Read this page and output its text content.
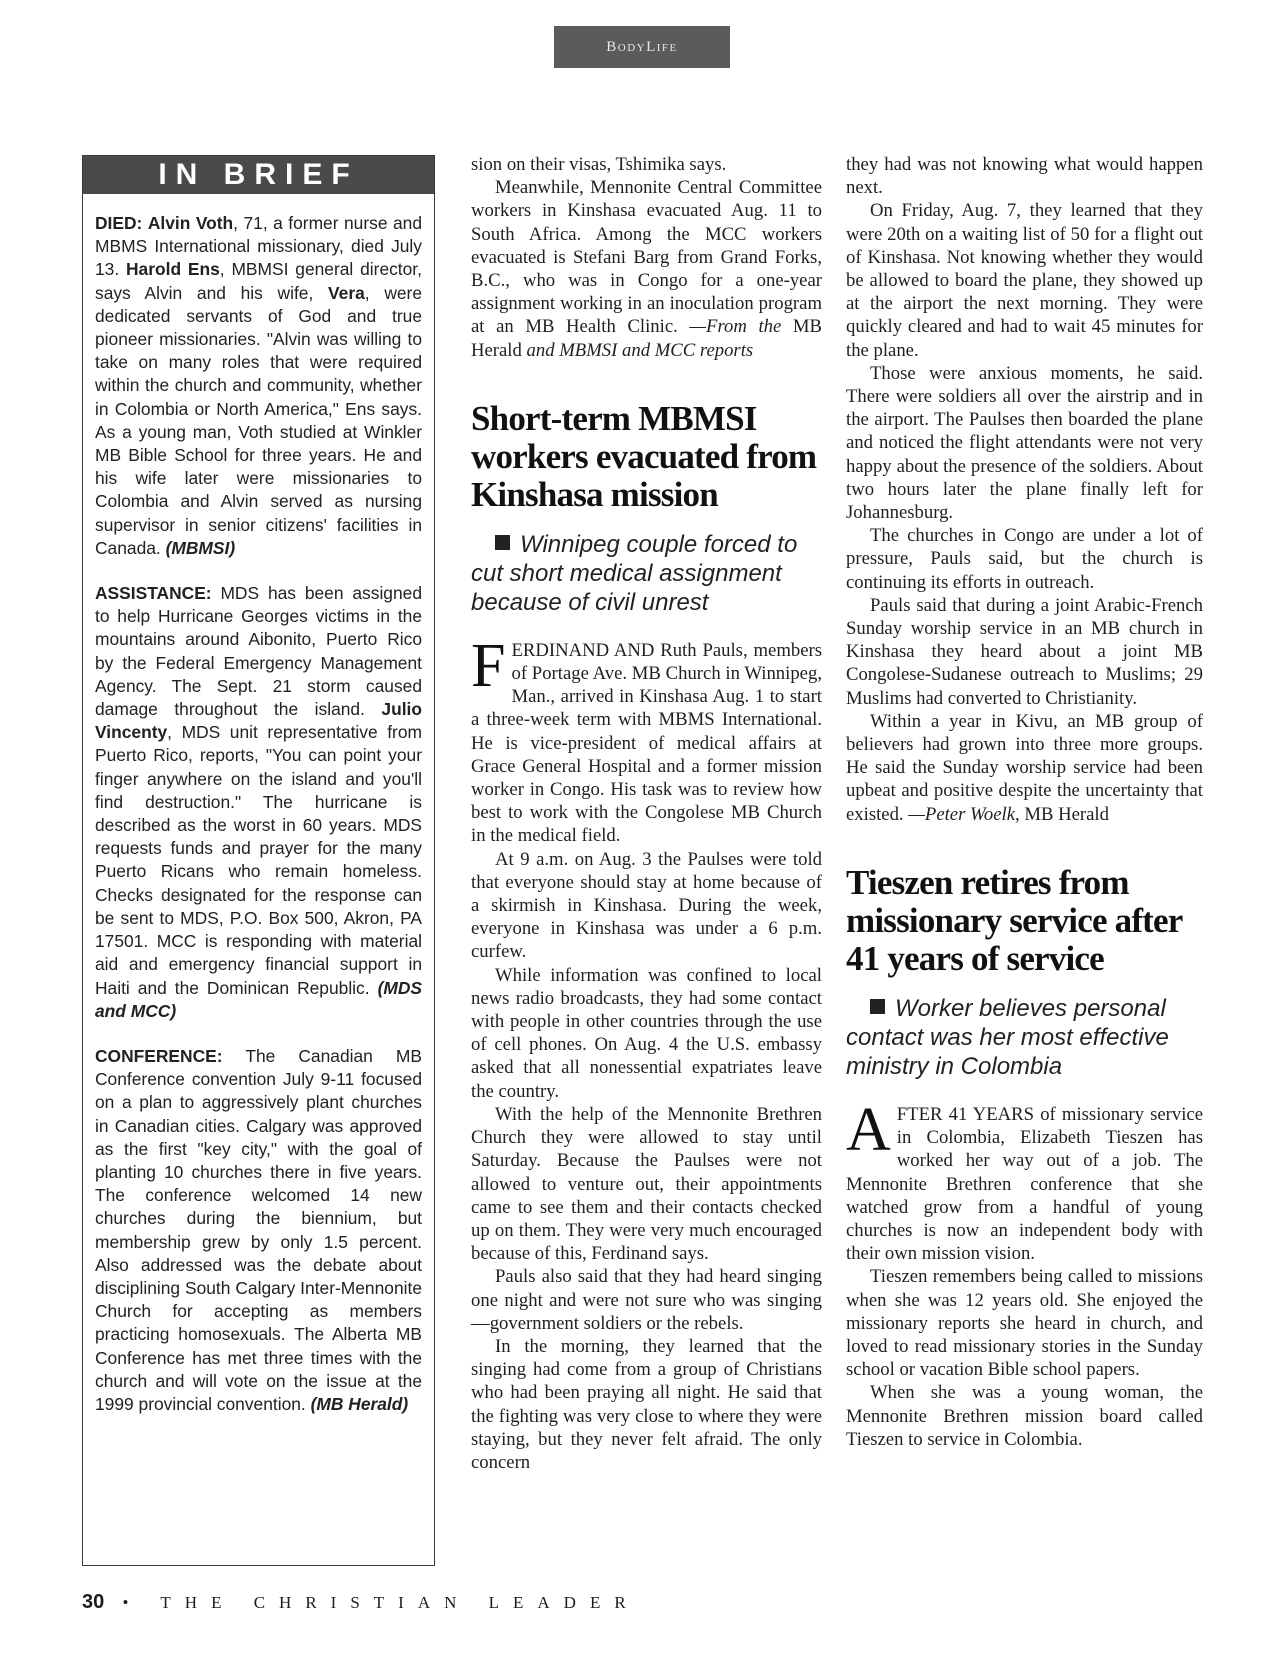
BodyLife
IN BRIEF

DIED: Alvin Voth, 71, a former nurse and MBMS International missionary, died July 13. Harold Ens, MBMSI general director, says Alvin and his wife, Vera, were dedicated servants of God and true pioneer missionaries. "Alvin was willing to take on many roles that were required within the church and community, whether in Colombia or North America," Ens says. As a young man, Voth studied at Winkler MB Bible School for three years. He and his wife later were missionaries to Colombia and Alvin served as nursing supervisor in senior citizens' facilities in Canada. (MBMSI)

ASSISTANCE: MDS has been assigned to help Hurricane Georges victims in the mountains around Aibonito, Puerto Rico by the Federal Emergency Management Agency. The Sept. 21 storm caused damage throughout the island. Julio Vincenty, MDS unit representative from Puerto Rico, reports, "You can point your finger anywhere on the island and you'll find destruction." The hurricane is described as the worst in 60 years. MDS requests funds and prayer for the many Puerto Ricans who remain homeless. Checks designated for the response can be sent to MDS, P.O. Box 500, Akron, PA 17501. MCC is responding with material aid and emergency financial support in Haiti and the Dominican Republic. (MDS and MCC)

CONFERENCE: The Canadian MB Conference convention July 9-11 focused on a plan to aggressively plant churches in Canadian cities. Calgary was approved as the first "key city," with the goal of planting 10 churches there in five years. The conference welcomed 14 new churches during the biennium, but membership grew by only 1.5 percent. Also addressed was the debate about disciplining South Calgary Inter-Mennonite Church for accepting as members practicing homosexuals. The Alberta MB Conference has met three times with the church and will vote on the issue at the 1999 provincial convention. (MB Herald)

sion on their visas, Tshimika says.

Meanwhile, Mennonite Central Committee workers in Kinshasa evacuated Aug. 11 to South Africa. Among the MCC workers evacuated is Stefani Barg from Grand Forks, B.C., who was in Congo for a one-year assignment working in an inoculation program at an MB Health Clinic. —From the MB Herald and MBMSI and MCC reports

Short-term MBMSI workers evacuated from Kinshasa mission

Winnipeg couple forced to cut short medical assignment because of civil unrest

FERDINAND AND Ruth Pauls, members of Portage Ave. MB Church in Winnipeg, Man., arrived in Kinshasa Aug. 1 to start a three-week term with MBMS International. He is vice-president of medical affairs at Grace General Hospital and a former mission worker in Congo. His task was to review how best to work with the Congolese MB Church in the medical field.

At 9 a.m. on Aug. 3 the Paulses were told that everyone should stay at home because of a skirmish in Kinshasa. During the week, everyone in Kinshasa was under a 6 p.m. curfew.

While information was confined to local news radio broadcasts, they had some contact with people in other countries through the use of cell phones. On Aug. 4 the U.S. embassy asked that all nonessential expatriates leave the country.

With the help of the Mennonite Brethren Church they were allowed to stay until Saturday. Because the Paulses were not allowed to venture out, their appointments came to see them and their contacts checked up on them. They were very much encouraged because of this, Ferdinand says.

Pauls also said that they had heard singing one night and were not sure who was singing—government soldiers or the rebels.

In the morning, they learned that the singing had come from a group of Christians who had been praying all night. He said that the fighting was very close to where they were staying, but they never felt afraid. The only concern

they had was not knowing what would happen next.

On Friday, Aug. 7, they learned that they were 20th on a waiting list of 50 for a flight out of Kinshasa. Not knowing whether they would be allowed to board the plane, they showed up at the airport the next morning. They were quickly cleared and had to wait 45 minutes for the plane.

Those were anxious moments, he said. There were soldiers all over the airstrip and in the airport. The Paulses then boarded the plane and noticed the flight attendants were not very happy about the presence of the soldiers. About two hours later the plane finally left for Johannesburg.

The churches in Congo are under a lot of pressure, Pauls said, but the church is continuing its efforts in outreach.

Pauls said that during a joint Arabic-French Sunday worship service in an MB church in Kinshasa they heard about a joint MB Congolese-Sudanese outreach to Muslims; 29 Muslims had converted to Christianity.

Within a year in Kivu, an MB group of believers had grown into three more groups. He said the Sunday worship service had been upbeat and positive despite the uncertainty that existed. —Peter Woelk, MB Herald

Tieszen retires from missionary service after 41 years of service

Worker believes personal contact was her most effective ministry in Colombia

AFTER 41 YEARS of missionary service in Colombia, Elizabeth Tieszen has worked her way out of a job. The Mennonite Brethren conference that she watched grow from a handful of young churches is now an independent body with their own mission vision.

Tieszen remembers being called to missions when she was 12 years old. She enjoyed the missionary reports she heard in church, and loved to read missionary stories in the Sunday school or vacation Bible school papers.

When she was a young woman, the Mennonite Brethren mission board called Tieszen to service in Colombia.

30 • THE CHRISTIAN LEADER
